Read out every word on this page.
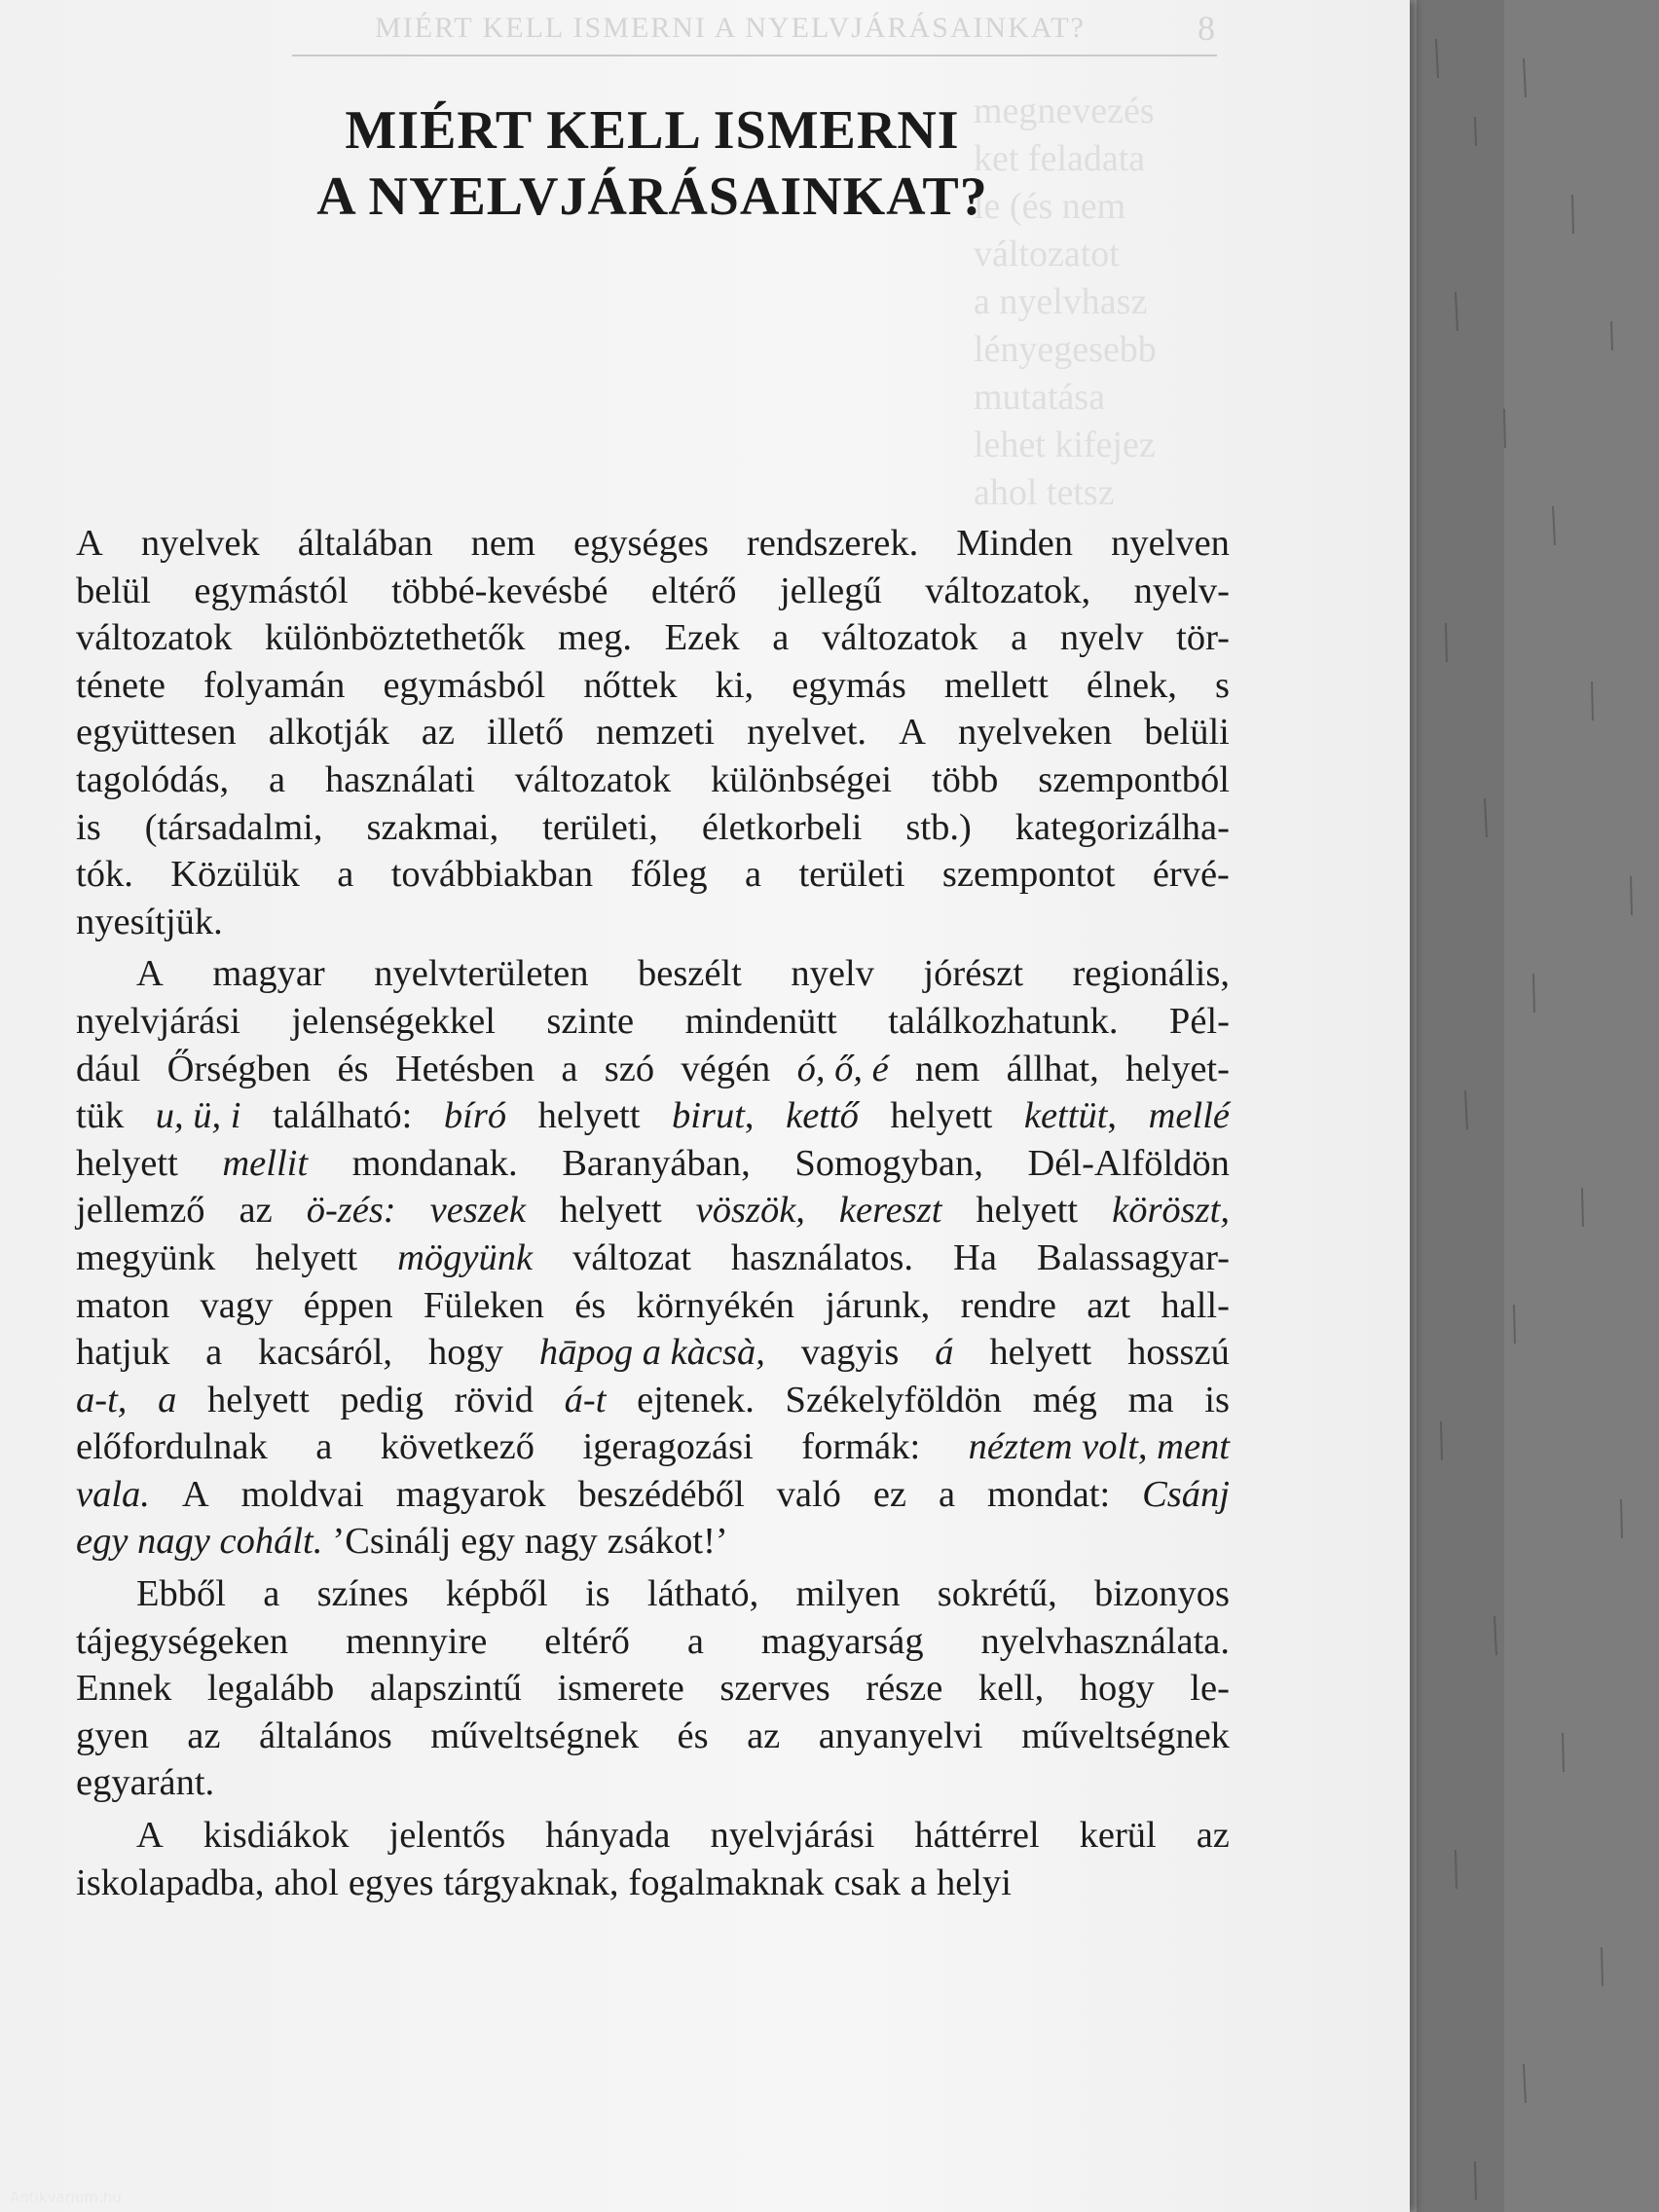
MIÉRT KELL ISMERNI A NYELVJÁRÁSAINKAT?	8
megnevezés
ket feladata
le (és nem
változatot
a nyelvhasz
lényegesebb
mutatása
lehet kifejez
ahol tetsz
MIÉRT KELL ISMERNI
A NYELVJÁRÁSAINKAT?
A nyelvek általában nem egységes rendszerek. Minden nyelven
belül egymástól többé-kevésbé eltérő jellegű változatok, nyelv-
változatok különböztethetők meg. Ezek a változatok a nyelv tör-
ténete folyamán egymásból nőttek ki, egymás mellett élnek, s
együttesen alkotják az illető nemzeti nyelvet. A nyelveken belüli
tagolódás, a használati változatok különbségei több szempontból
is (társadalmi, szakmai, területi, életkorbeli stb.) kategorizálha-
tók. Közülük a továbbiakban főleg a területi szempontot érvé-
nyesítjük.
A magyar nyelvterületen beszélt nyelv jórészt regionális,
nyelvjárási jelenségekkel szinte mindenütt találkozhatunk. Pél-
dául Őrségben és Hetésben a szó végén ó, ő, é nem állhat, helyet-
tük u, ü, i található: bíró helyett birut, kettő helyett kettüt, mellé
helyett mellit mondanak. Baranyában, Somogyban, Dél-Alföldön
jellemző az ö-zés: veszek helyett vöszök, kereszt helyett köröszt,
megyünk helyett mögyünk változat használatos. Ha Balassagyar-
maton vagy éppen Füleken és környékén járunk, rendre azt hall-
hatjuk a kacsáról, hogy hāpog a kàcsà, vagyis á helyett hosszú
a-t, a helyett pedig rövid á-t ejtenek. Székelyföldön még ma is
előfordulnak a következő igeragozási formák: néztem volt, ment
vala. A moldvai magyarok beszédéből való ez a mondat: Csánj
egy nagy cohált. ’Csinálj egy nagy zsákot!’
Ebből a színes képből is látható, milyen sokrétű, bizonyos
tájegységeken mennyire eltérő a magyarság nyelvhasználata.
Ennek legalább alapszintű ismerete szerves része kell, hogy le-
gyen az általános műveltségnek és az anyanyelvi műveltségnek
egyaránt.
A kisdiákok jelentős hányada nyelvjárási háttérrel kerül az
iskolapadba, ahol egyes tárgyaknak, fogalmaknak csak a helyi
Antikvarium.hu
